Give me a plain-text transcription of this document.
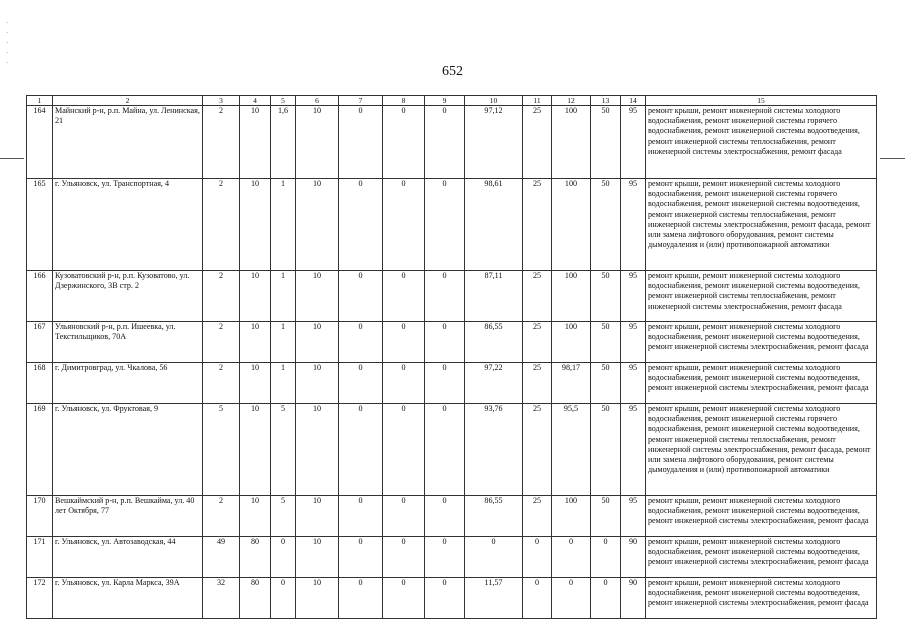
652
·
·
·
·
·
1	2	3	4	5	6	7	8	9	10	11	12	13	14	15
164	Майнский р-н, р.п. Майна, ул. Ленинская, 21	2	10	1,6	10	0	0	0	97,12	25	100	50	95	ремонт крыши, ремонт инженерной системы холодного водоснабжения, ремонт инженерной системы горячего водоснабжения, ремонт инженерной системы водоотведения, ремонт инженерной системы теплоснабжения, ремонт инженерной системы электроснабжения, ремонт фасада
165	г. Ульяновск, ул. Транспортная, 4	2	10	1	10	0	0	0	98,61	25	100	50	95	ремонт крыши, ремонт инженерной системы холодного водоснабжения, ремонт инженерной системы горячего водоснабжения, ремонт инженерной системы водоотведения, ремонт инженерной системы теплоснабжения, ремонт инженерной системы электроснабжения, ремонт фасада, ремонт или замена лифтового оборудования, ремонт системы дымоудаления и (или) противопожарной автоматики
166	Кузоватовский р-н, р.п. Кузоватово, ул. Дзержинского, 3В стр. 2	2	10	1	10	0	0	0	87,11	25	100	50	95	ремонт крыши, ремонт инженерной системы холодного водоснабжения, ремонт инженерной системы водоотведения, ремонт инженерной системы теплоснабжения, ремонт инженерной системы электроснабжения, ремонт фасада
167	Ульяновский р-н, р.п. Ишеевка, ул. Текстильщиков, 70А	2	10	1	10	0	0	0	86,55	25	100	50	95	ремонт крыши, ремонт инженерной системы холодного водоснабжения, ремонт инженерной системы водоотведения, ремонт инженерной системы электроснабжения, ремонт фасада
168	г. Димитровград, ул. Чкалова, 56	2	10	1	10	0	0	0	97,22	25	98,17	50	95	ремонт крыши, ремонт инженерной системы холодного водоснабжения, ремонт инженерной системы водоотведения, ремонт инженерной системы электроснабжения, ремонт фасада
169	г. Ульяновск, ул. Фруктовая, 9	5	10	5	10	0	0	0	93,76	25	95,5	50	95	ремонт крыши, ремонт инженерной системы холодного водоснабжения, ремонт инженерной системы горячего водоснабжения, ремонт инженерной системы водоотведения, ремонт инженерной системы теплоснабжения, ремонт инженерной системы электроснабжения, ремонт фасада, ремонт или замена лифтового оборудования, ремонт системы дымоудаления и (или) противопожарной автоматики
170	Вешкаймский р-н, р.п. Вешкайма, ул. 40 лет Октября, 77	2	10	5	10	0	0	0	86,55	25	100	50	95	ремонт крыши, ремонт инженерной системы холодного водоснабжения, ремонт инженерной системы водоотведения, ремонт инженерной системы электроснабжения, ремонт фасада
171	г. Ульяновск, ул. Автозаводская, 44	49	80	0	10	0	0	0	0	0	0	0	90	ремонт крыши, ремонт инженерной системы холодного водоснабжения, ремонт инженерной системы водоотведения, ремонт инженерной системы электроснабжения, ремонт фасада
172	г. Ульяновск, ул. Карла Маркса, 39А	32	80	0	10	0	0	0	11,57	0	0	0	90	ремонт крыши, ремонт инженерной системы холодного водоснабжения, ремонт инженерной системы водоотведения, ремонт инженерной системы электроснабжения, ремонт фасада
